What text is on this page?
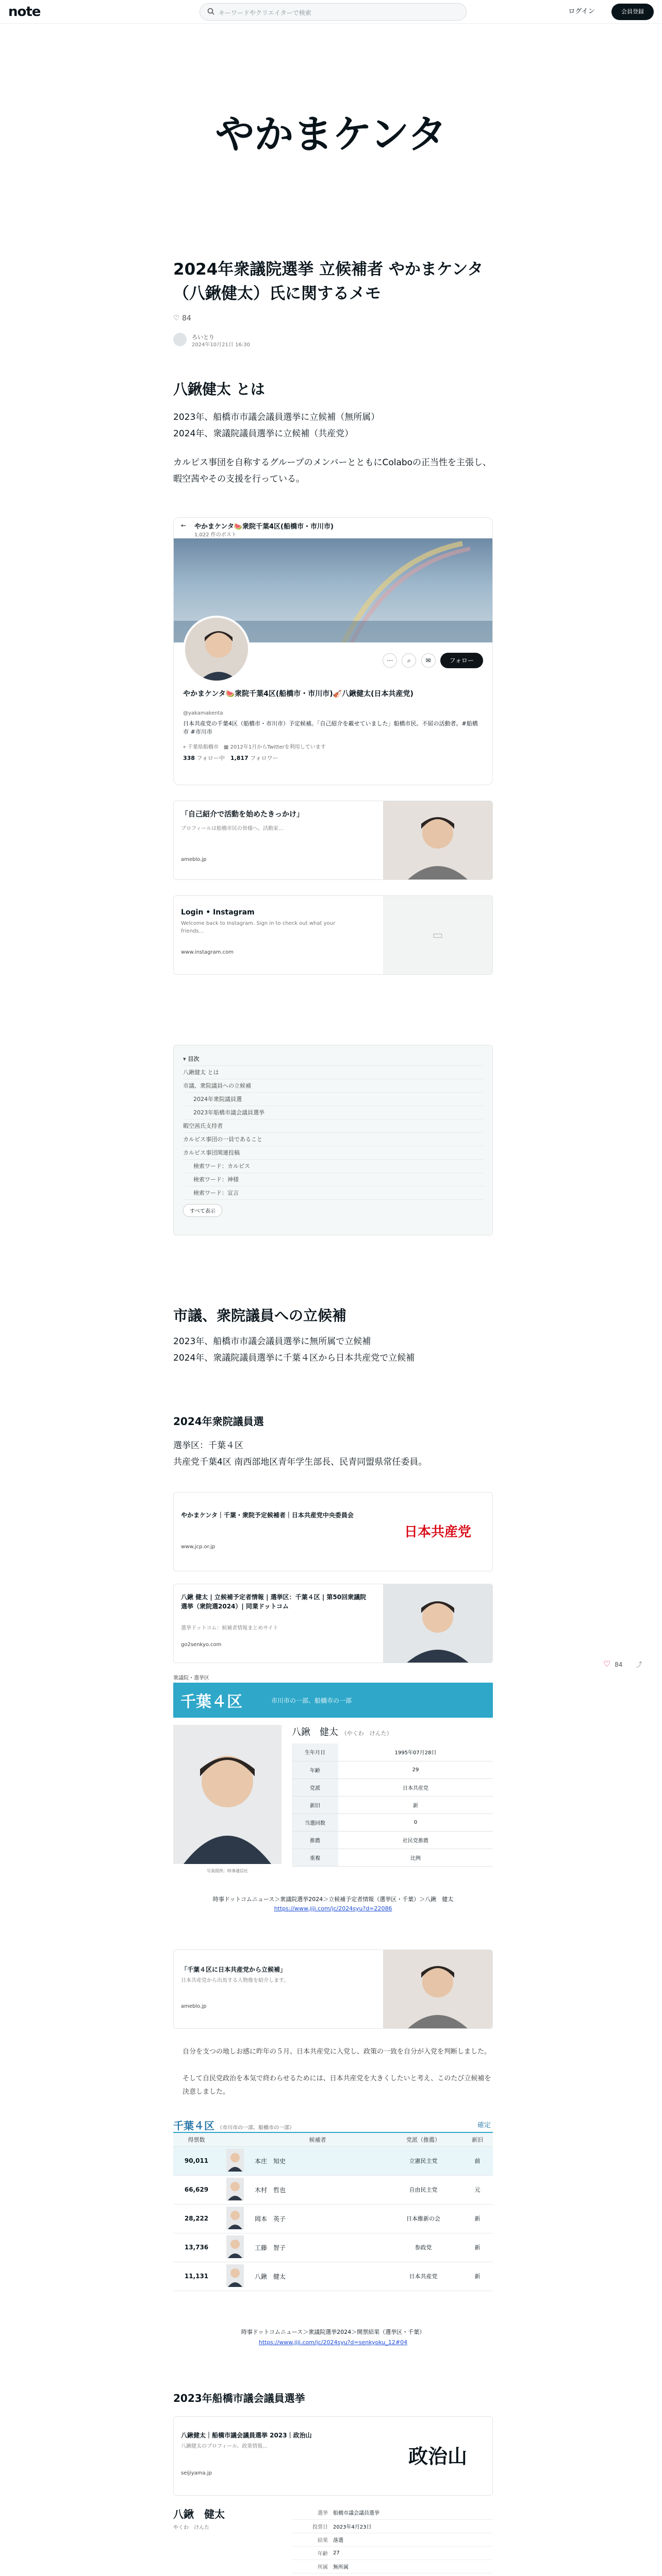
note	キーワードやクリエイターで検索	ログイン	会員登録
やかまケンタ
♡ 84 ⤴
2024年衆議院選挙 立候補者 やかまケンタ（八鍬健太）氏に関するメモ
♡ 84
ろいとり
2024年10月21日 16:30
八鍬健太 とは

2023年、船橋市市議会議員選挙に立候補（無所属）
2024年、衆議院議員選挙に立候補（共産党）

カルピス事団を自称するグループのメンバーとともにColaboの正当性を主張し、暇空茜やその支援を行っている。

← やかまケンタ🍉衆院千葉4区(船橋市・市川市)
1,022 件のポスト
⋯ ⌕ ✉	フォロー
やかまケンタ🍉衆院千葉4区(船橋市・市川市)🎻八鍬健太(日本共産党)
@yakamakenta
日本共産党の千葉4区（船橋市・市川市）予定候補。「自己紹介を載せていました」船橋市民。不屈の活動者。#船橋市 #市川市
⌖ 千葉県船橋市　 ▦ 2012年1月からTwitterを利用しています
338 フォロー中　 1,817 フォロワー
「自己紹介で活動を始めたきっかけ」
プロフィールは船橋市民の皆様へ。活動家...
ameblo.jp
Login • Instagram
Welcome back to Instagram. Sign in to check out what your friends...
www.instagram.com
▭
▾ 目次
八鍬健太 とは
市議、衆院議員への立候補
2024年衆院議員選
2023年船橋市議会議員選挙
暇空茜氏支持者
カルピス事団の一員であること
カルピス事団関連投稿
検索ワード：カルピス
検索ワード：神様
検索ワード：宣言
すべて表示
市議、衆院議員への立候補

2023年、船橋市市議会議員選挙に無所属で立候補
2024年、衆議院議員選挙に千葉４区から日本共産党で立候補

2024年衆院議員選

選挙区：千葉４区
共産党千葉4区 南西部地区青年学生部長、民青同盟県常任委員。

やかまケンタ｜千葉・衆院予定候補者｜日本共産党中央委員会
www.jcp.or.jp
日本共産党
八鍬 健太 | 立候補予定者情報 | 選挙区：千葉４区 | 第50回衆議院選挙（衆院選2024）| 同業ドットコム
選挙ドットコム：候補者情報まとめサイト
go2senkyo.com
衆議院・選挙区
千葉４区	市川市の一部、船橋市の一部
写真提供：時事通信社
八鍬　健太 （やくわ　けんた）
生年月日	1995年07月28日
年齢	29
党派	日本共産党
新旧	新
当選回数	0
推薦	社民党推薦
重複	比例
時事ドットコムニュース＞衆議院選挙2024＞立候補予定者情報（選挙区・千葉）＞八鍬　健太
https://www.jiji.com/jc/2024syu?d=22086
「千葉４区に日本共産党から立候補」
日本共産党から出馬する人物像を紹介します。
ameblo.jp

自分を支つの地しお感に昨年の５月、日本共産党に入党し、政策の一致を自分が入党を判断しました。

そして自民党政治を本気で終わらせるためには、日本共産党を大きくしたいと考え、このたび立候補を決意しました。

千葉４区 （市川市の一部、船橋市の一部）	確定
得票数		候補者	党派（推薦）	新旧
90,011		本庄　知史	立憲民主党	前
66,629		木村　哲也	自由民主党	元
28,222		岡本　英子	日本維新の会	新
13,736		工藤　智子	参政党	新
11,131		八鍬　健太	日本共産党	新
時事ドットコムニュース＞衆議院選挙2024＞開票結果（選挙区・千葉）
https://www.jiji.com/jc/2024syu?d=senkyoku_12#04
2023年船橋市議会議員選挙
八鍬健太｜船橋市議会議員選挙 2023｜政治山
八鍬健太のプロフィール、政策情報...
seijiyama.jp
政治山
八鍬　健太
やくわ　けんた
選挙	船橋市議会議員選挙
投票日	2023年4月23日
結果	落選
年齢	27
所属	無所属
